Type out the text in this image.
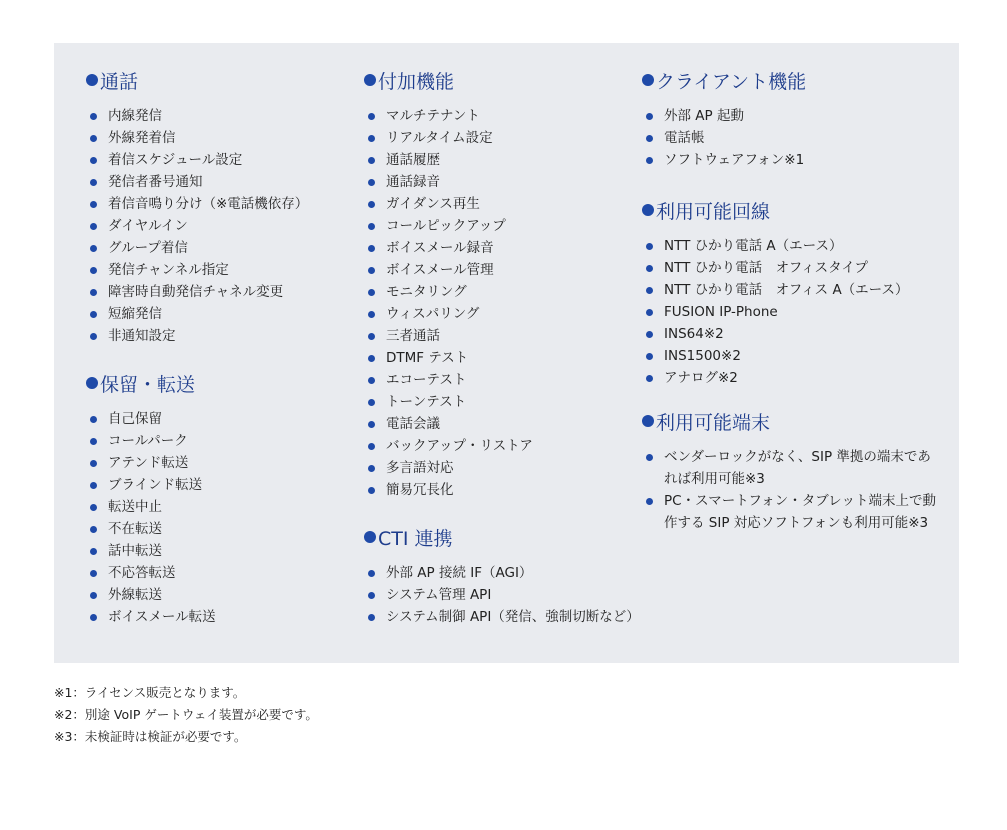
通話
内線発信
外線発着信
着信スケジュール設定
発信者番号通知
着信音鳴り分け（※電話機依存）
ダイヤルイン
グループ着信
発信チャンネル指定
障害時自動発信チャネル変更
短縮発信
非通知設定
保留・転送
自己保留
コールパーク
アテンド転送
ブラインド転送
転送中止
不在転送
話中転送
不応答転送
外線転送
ボイスメール転送
付加機能
マルチテナント
リアルタイム設定
通話履歴
通話録音
ガイダンス再生
コールピックアップ
ボイスメール録音
ボイスメール管理
モニタリング
ウィスパリング
三者通話
DTMF テスト
エコーテスト
トーンテスト
電話会議
バックアップ・リストア
多言語対応
簡易冗長化
CTI 連携
外部 AP 接続 IF（AGI）
システム管理 API
システム制御 API（発信、強制切断など）
クライアント機能
外部 AP 起動
電話帳
ソフトウェアフォン※1
利用可能回線
NTT ひかり電話 A（エース）
NTT ひかり電話　オフィスタイプ
NTT ひかり電話　オフィス A（エース）
FUSION IP-Phone
INS64※2
INS1500※2
アナログ※2
利用可能端末
ベンダーロックがなく、SIP 準拠の端末であれば利用可能※3
PC・スマートフォン・タブレット端末上で動作する SIP 対応ソフトフォンも利用可能※3
※1：ライセンス販売となります。
※2：別途 VoIP ゲートウェイ装置が必要です。
※3：未検証時は検証が必要です。
